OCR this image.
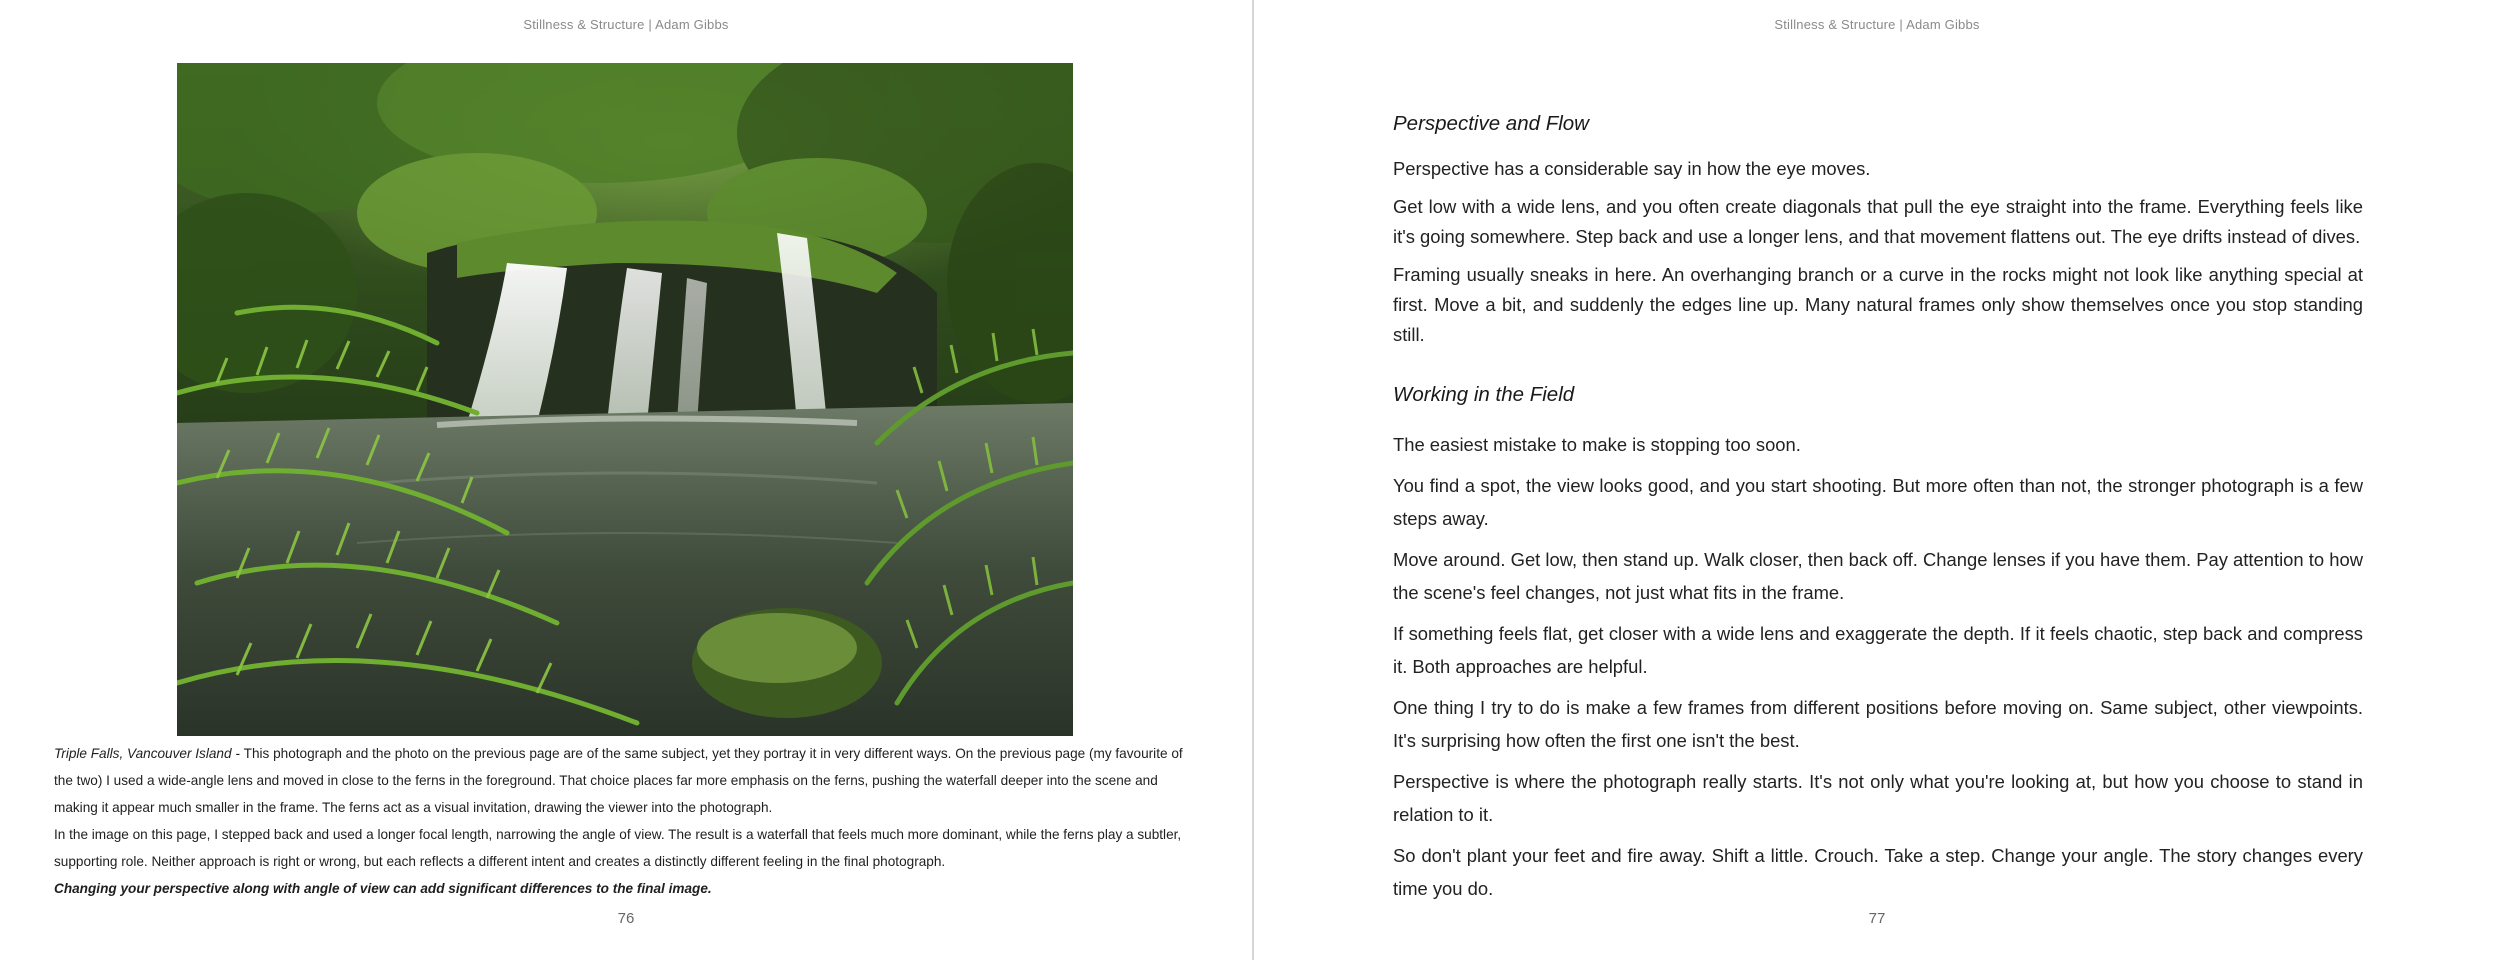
Stillness & Structure | Adam Gibbs

Triple Falls, Vancouver Island - This photograph and the photo on the previous page are of the same subject, yet they portray it in very different ways. On the previous page (my favourite of the two) I used a wide-angle lens and moved in close to the ferns in the foreground. That choice places far more emphasis on the ferns, pushing the waterfall deeper into the scene and making it appear much smaller in the frame. The ferns act as a visual invitation, drawing the viewer into the photograph.

In the image on this page, I stepped back and used a longer focal length, narrowing the angle of view. The result is a waterfall that feels much more dominant, while the ferns play a subtler, supporting role. Neither approach is right or wrong, but each reflects a different intent and creates a distinctly different feeling in the final photograph.

Changing your perspective along with angle of view can add significant differences to the final image.

76
Stillness & Structure | Adam Gibbs
Perspective and Flow

Perspective has a considerable say in how the eye moves.

Get low with a wide lens, and you often create diagonals that pull the eye straight into the frame. Everything feels like it's going somewhere. Step back and use a longer lens, and that movement flattens out. The eye drifts instead of dives.

Framing usually sneaks in here. An overhanging branch or a curve in the rocks might not look like anything special at first. Move a bit, and suddenly the edges line up. Many natural frames only show themselves once you stop standing still.

Working in the Field

The easiest mistake to make is stopping too soon.

You find a spot, the view looks good, and you start shooting. But more often than not, the stronger photograph is a few steps away.

Move around. Get low, then stand up. Walk closer, then back off. Change lenses if you have them. Pay attention to how the scene's feel changes, not just what fits in the frame.

If something feels flat, get closer with a wide lens and exaggerate the depth. If it feels chaotic, step back and compress it. Both approaches are helpful.

One thing I try to do is make a few frames from different positions before moving on. Same subject, other viewpoints. It's surprising how often the first one isn't the best.

Perspective is where the photograph really starts. It's not only what you're looking at, but how you choose to stand in relation to it.

So don't plant your feet and fire away. Shift a little. Crouch. Take a step. Change your angle. The story changes every time you do.

77
